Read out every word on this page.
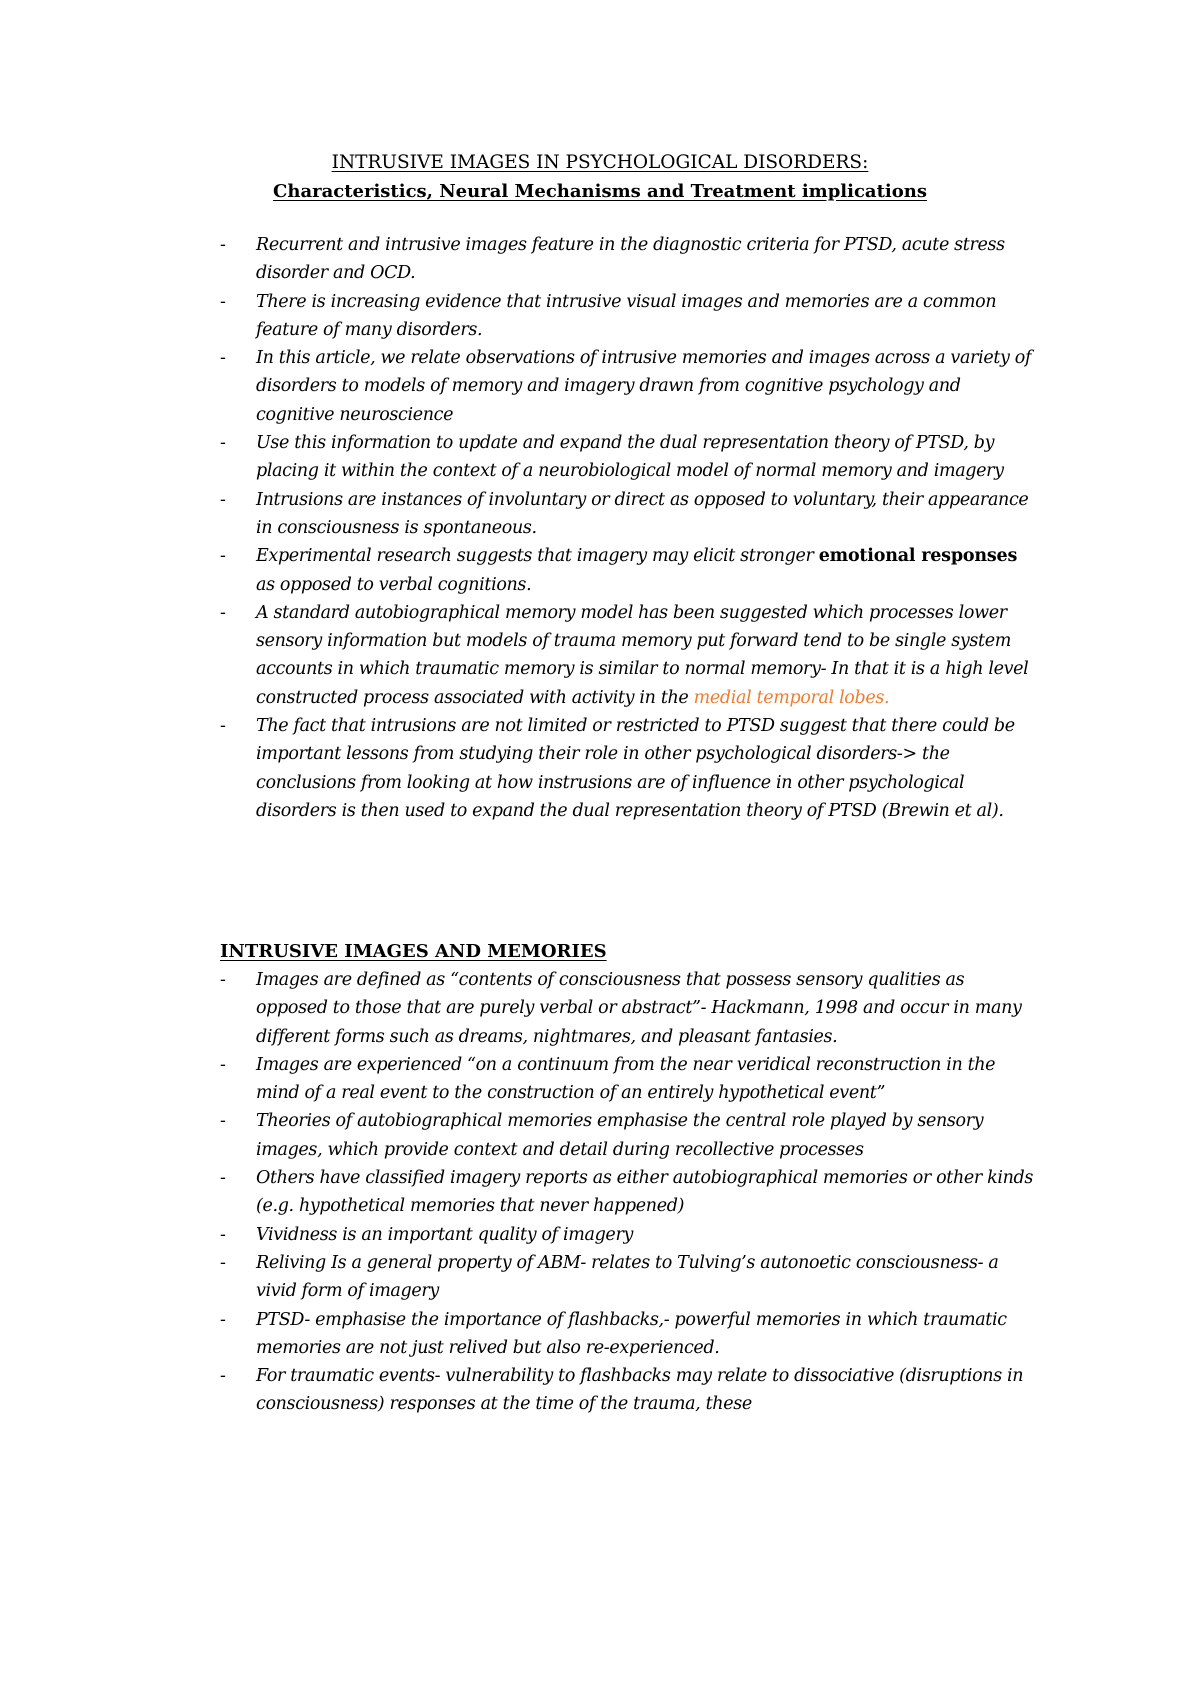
INTRUSIVE IMAGES IN PSYCHOLOGICAL DISORDERS:
Characteristics, Neural Mechanisms and Treatment implications
- Recurrent and intrusive images feature in the diagnostic criteria for PTSD, acute stress disorder and OCD.
- There is increasing evidence that intrusive visual images and memories are a common feature of many disorders.
- In this article, we relate observations of intrusive memories and images across a variety of disorders to models of memory and imagery drawn from cognitive psychology and cognitive neuroscience
- Use this information to update and expand the dual representation theory of PTSD, by placing it within the context of a neurobiological model of normal memory and imagery
- Intrusions are instances of involuntary or direct as opposed to voluntary, their appearance in consciousness is spontaneous.
- Experimental research suggests that imagery may elicit stronger emotional responses as opposed to verbal cognitions.
- A standard autobiographical memory model has been suggested which processes lower sensory information but models of trauma memory put forward tend to be single system accounts in which traumatic memory is similar to normal memory- In that it is a high level constructed process associated with activity in the medial temporal lobes.
- The fact that intrusions are not limited or restricted to PTSD suggest that there could be important lessons from studying their role in other psychological disorders-> the conclusions from looking at how instrusions are of influence in other psychological disorders is then used to expand the dual representation theory of PTSD (Brewin et al).
INTRUSIVE IMAGES AND MEMORIES
- Images are defined as “contents of consciousness that possess sensory qualities as opposed to those that are purely verbal or abstract”- Hackmann, 1998 and occur in many different forms such as dreams, nightmares, and pleasant fantasies.
- Images are experienced “on a continuum from the near veridical reconstruction in the mind of a real event to the construction of an entirely hypothetical event”
- Theories of autobiographical memories emphasise the central role played by sensory images, which provide context and detail during recollective processes
- Others have classified imagery reports as either autobiographical memories or other kinds (e.g. hypothetical memories that never happened)
- Vividness is an important quality of imagery
- Reliving Is a general property of ABM- relates to Tulving’s autonoetic consciousness- a vivid form of imagery
- PTSD- emphasise the importance of flashbacks,- powerful memories in which traumatic memories are not just relived but also re-experienced.
- For traumatic events- vulnerability to flashbacks may relate to dissociative (disruptions in consciousness) responses at the time of the trauma, these
